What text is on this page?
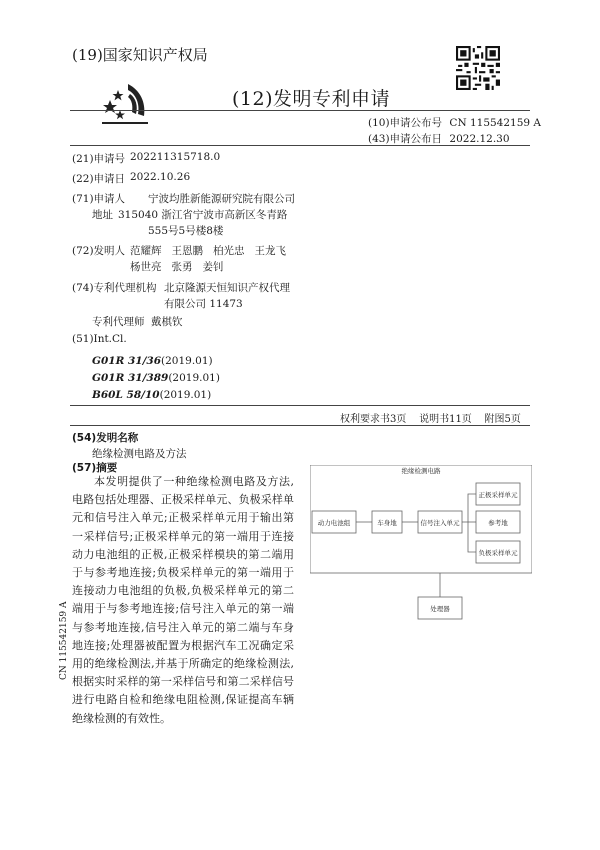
(19)国家知识产权局
(12)发明专利申请
(10)申请公布号 CN 115542159 A
(43)申请公布日 2022.12.30
(21)申请号 202211315718.0
(22)申请日 2022.10.26
(71)申请人 宁波均胜新能源研究院有限公司
地址 315040 浙江省宁波市高新区冬青路
555号5号楼8楼
(72)发明人 范耀辉   王恩鹏   柏光忠   王龙飞
杨世亮   张勇   姜钊
(74)专利代理机构 北京隆源天恒知识产权代理
有限公司 11473
专利代理师 戴棋钦
(51)Int.Cl.
G01R 31/36(2019.01)
G01R 31/389(2019.01)
B60L 58/10(2019.01)
权利要求书3页    说明书11页    附图5页
(54)发明名称
绝缘检测电路及方法
(57)摘要
本发明提供了一种绝缘检测电路及方法,电路包括处理器、正极采样单元、负极采样单元和信号注入单元;正极采样单元用于输出第一采样信号;正极采样单元的第一端用于连接动力电池组的正极,正极采样模块的第二端用于与参考地连接;负极采样单元的第一端用于连接动力电池组的负极,负极采样单元的第二端用于与参考地连接;信号注入单元的第一端与参考地连接,信号注入单元的第二端与车身地连接;处理器被配置为根据汽车工况确定采用的绝缘检测法,并基于所确定的绝缘检测法,根据实时采样的第一采样信号和第二采样信号进行电路自检和绝缘电阻检测,保证提高车辆绝缘检测的有效性。
绝缘检测电路
动力电池组	车身地	信号注入单元
正极采样单元
参考地
负极采样单元
处理器
CN 115542159 A
